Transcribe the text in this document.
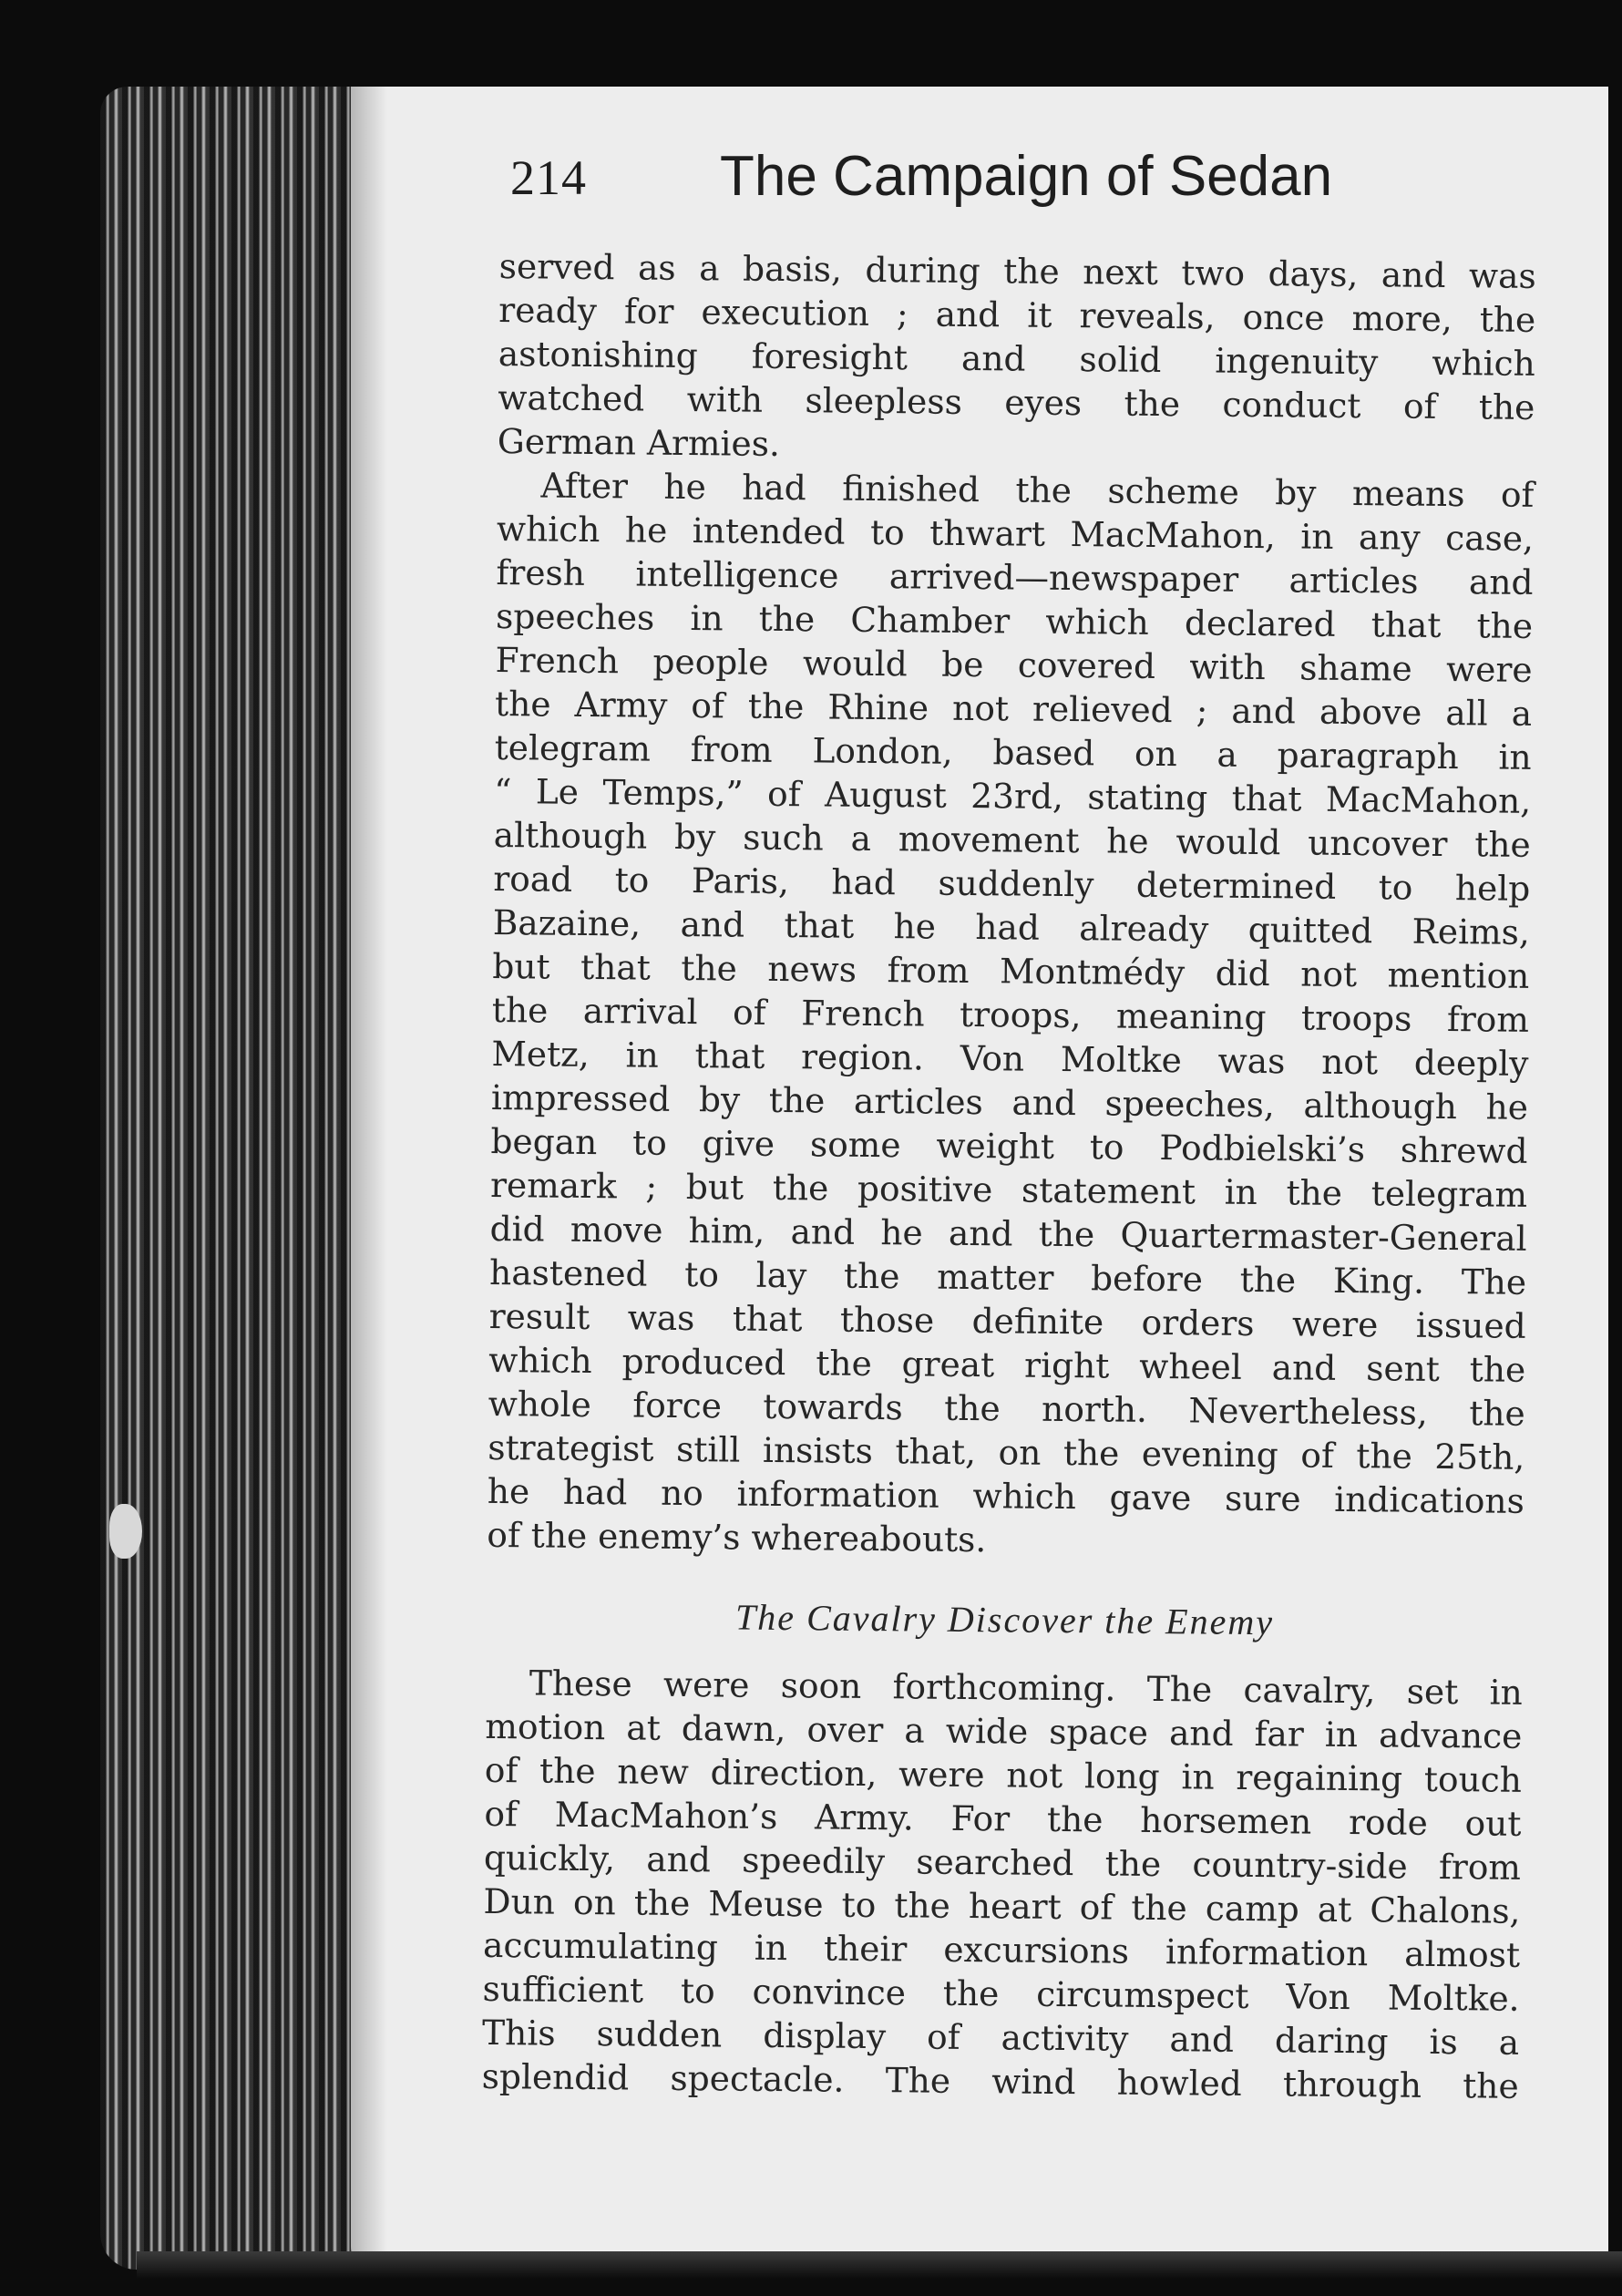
214 The Campaign of Sedan
served as a basis, during the next two days, and was
ready for execution ; and it reveals, once more, the
astonishing foresight and solid ingenuity which
watched with sleepless eyes the conduct of the
German Armies.
After he had finished the scheme by means of
which he intended to thwart MacMahon, in any case,
fresh intelligence arrived—newspaper articles and
speeches in the Chamber which declared that the
French people would be covered with shame were
the Army of the Rhine not relieved ; and above all a
telegram from London, based on a paragraph in
“ Le Temps,” of August 23rd, stating that MacMahon,
although by such a movement he would uncover the
road to Paris, had suddenly determined to help
Bazaine, and that he had already quitted Reims,
but that the news from Montmédy did not mention
the arrival of French troops, meaning troops from
Metz, in that region. Von Moltke was not deeply
impressed by the articles and speeches, although he
began to give some weight to Podbielski’s shrewd
remark ; but the positive statement in the telegram
did move him, and he and the Quartermaster-General
hastened to lay the matter before the King. The
result was that those definite orders were issued
which produced the great right wheel and sent the
whole force towards the north. Nevertheless, the
strategist still insists that, on the evening of the 25th,
he had no information which gave sure indications
of the enemy’s whereabouts.
The Cavalry Discover the Enemy
These were soon forthcoming. The cavalry, set in
motion at dawn, over a wide space and far in advance
of the new direction, were not long in regaining touch
of MacMahon’s Army. For the horsemen rode out
quickly, and speedily searched the country-side from
Dun on the Meuse to the heart of the camp at Chalons,
accumulating in their excursions information almost
sufficient to convince the circumspect Von Moltke.
This sudden display of activity and daring is a
splendid spectacle. The wind howled through the
